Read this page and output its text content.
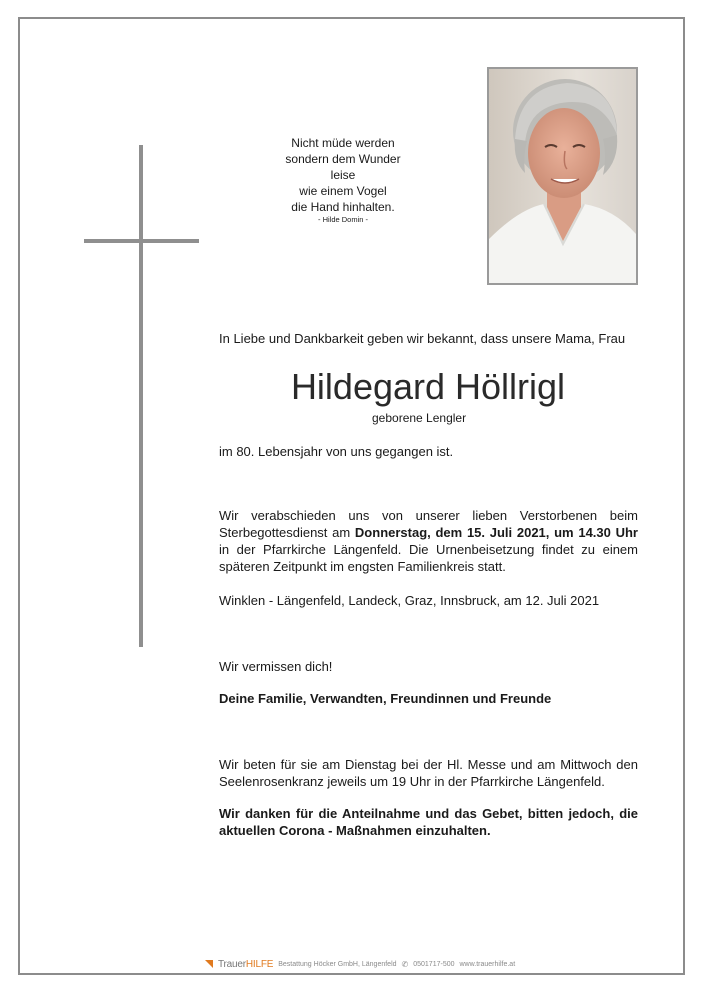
Nicht müde werden
sondern dem Wunder
leise
wie einem Vogel
die Hand hinhalten.
- Hilde Domin -
In Liebe und Dankbarkeit geben wir bekannt, dass unsere Mama, Frau
Hildegard Höllrigl
geborene Lengler
im 80. Lebensjahr von uns gegangen ist.
Wir verabschieden uns von unserer lieben Verstorbenen beim Sterbegottesdienst am Donnerstag, dem 15. Juli 2021, um 14.30 Uhr in der Pfarrkirche Längenfeld. Die Urnenbeisetzung findet zu einem späteren Zeitpunkt im engsten Familienkreis statt.
Winklen - Längenfeld, Landeck, Graz, Innsbruck, am 12. Juli 2021
Wir vermissen dich!
Deine Familie, Verwandten, Freundinnen und Freunde
Wir beten für sie am Dienstag bei der Hl. Messe und am Mittwoch den Seelenrosenkranz jeweils um 19 Uhr in der Pfarrkirche Längenfeld.
Wir danken für die Anteilnahme und das Gebet, bitten jedoch, die aktuellen Corona - Maßnahmen einzuhalten.
TrauerHILFE Bestattung Höcker GmbH, Längenfeld ✆ 0501717-500 www.trauerhilfe.at
